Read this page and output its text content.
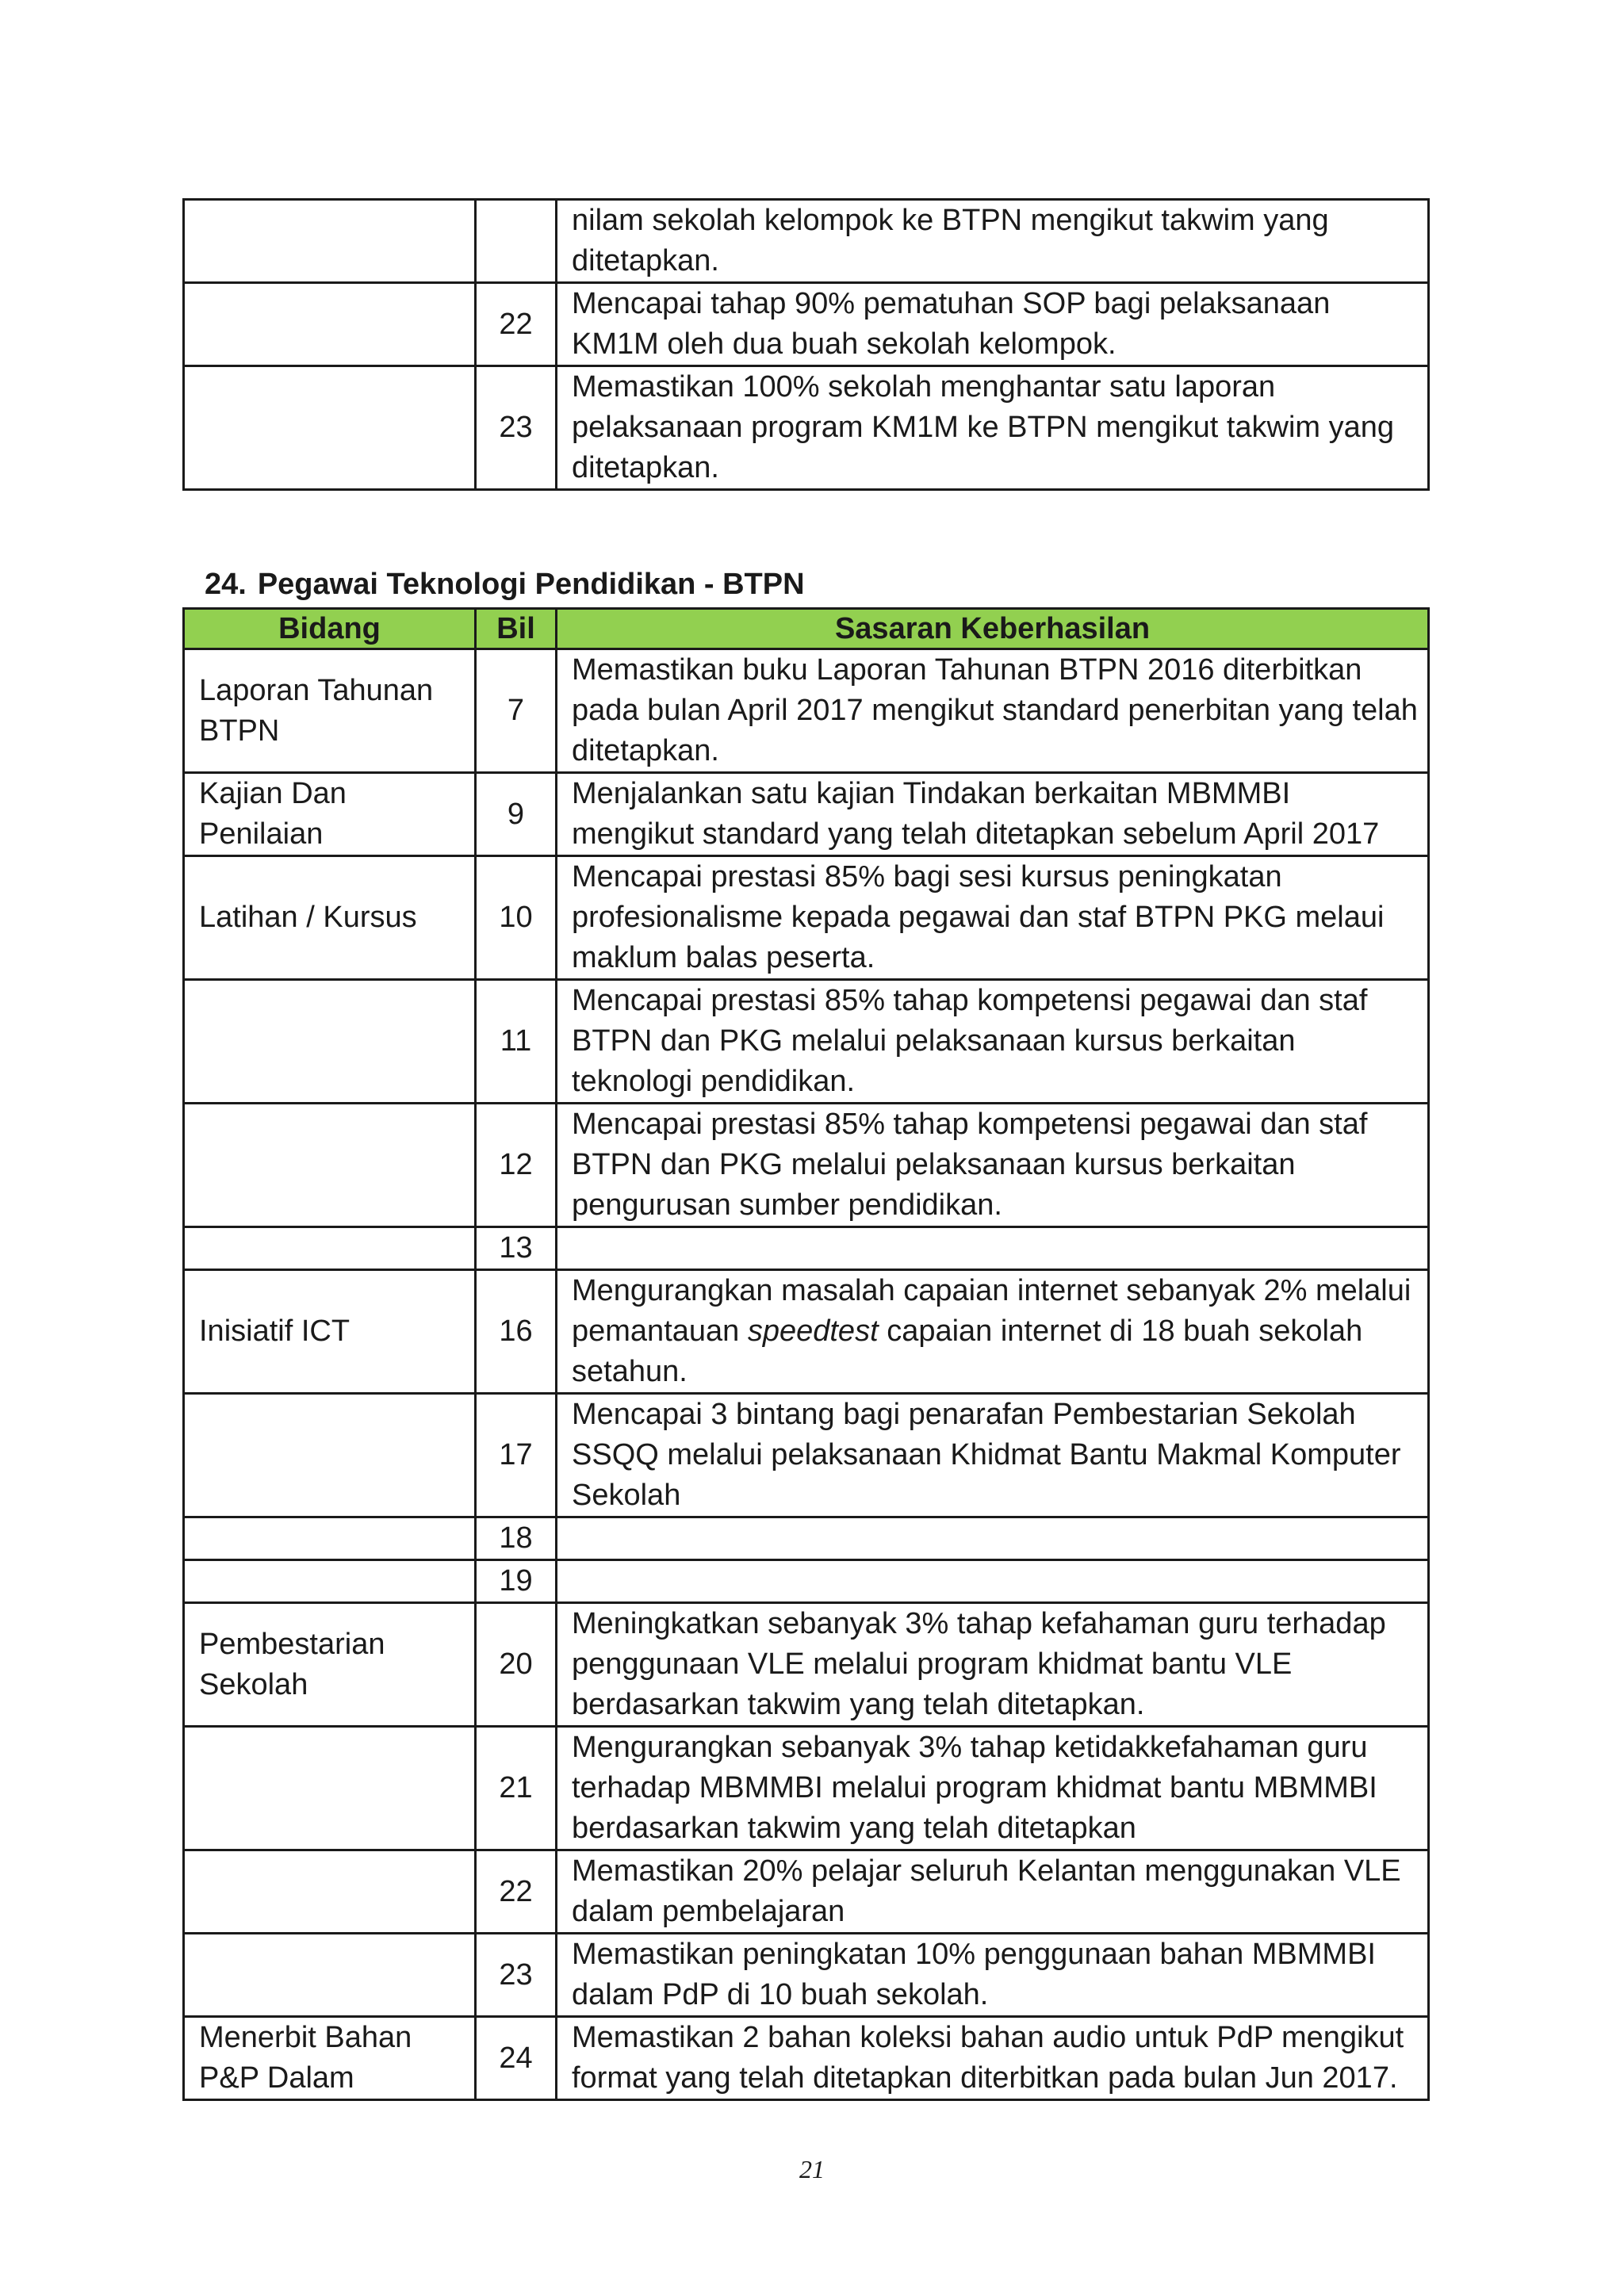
		nilam sekolah kelompok ke BTPN mengikut takwim yang ditetapkan.
	22	Mencapai tahap 90% pematuhan SOP bagi pelaksanaan KM1M oleh dua buah sekolah kelompok.
	23	Memastikan 100% sekolah menghantar satu laporan pelaksanaan program KM1M ke BTPN mengikut takwim yang ditetapkan.
24. Pegawai Teknologi Pendidikan - BTPN
Bidang	Bil	Sasaran Keberhasilan
Laporan Tahunan BTPN	7	Memastikan buku Laporan Tahunan BTPN 2016 diterbitkan pada bulan April 2017 mengikut standard penerbitan yang telah ditetapkan.
Kajian Dan Penilaian	9	Menjalankan satu kajian Tindakan berkaitan MBMMBI mengikut standard yang telah ditetapkan sebelum April 2017
Latihan / Kursus	10	Mencapai prestasi 85% bagi sesi kursus peningkatan profesionalisme kepada pegawai dan staf BTPN PKG melaui maklum balas peserta.
	11	Mencapai prestasi 85% tahap kompetensi pegawai dan staf BTPN dan PKG melalui pelaksanaan kursus berkaitan teknologi pendidikan.
	12	Mencapai prestasi 85% tahap kompetensi pegawai dan staf BTPN dan PKG melalui pelaksanaan kursus berkaitan pengurusan sumber pendidikan.
	13	
Inisiatif ICT	16	Mengurangkan masalah capaian internet sebanyak 2% melalui pemantauan speedtest capaian internet di 18 buah sekolah setahun.
	17	Mencapai 3 bintang bagi penarafan Pembestarian Sekolah SSQQ melalui pelaksanaan Khidmat Bantu Makmal Komputer Sekolah
	18	
	19	
Pembestarian Sekolah	20	Meningkatkan sebanyak 3% tahap kefahaman guru terhadap penggunaan VLE melalui program khidmat bantu VLE berdasarkan takwim yang telah ditetapkan.
	21	Mengurangkan sebanyak 3% tahap ketidakkefahaman guru terhadap MBMMBI melalui program khidmat bantu MBMMBI berdasarkan takwim yang telah ditetapkan
	22	Memastikan 20% pelajar seluruh Kelantan menggunakan VLE dalam pembelajaran
	23	Memastikan peningkatan 10% penggunaan bahan MBMMBI dalam PdP di 10 buah sekolah.
Menerbit Bahan P&P Dalam	24	Memastikan 2 bahan koleksi bahan audio untuk PdP mengikut format yang telah ditetapkan diterbitkan pada bulan Jun 2017.
21
